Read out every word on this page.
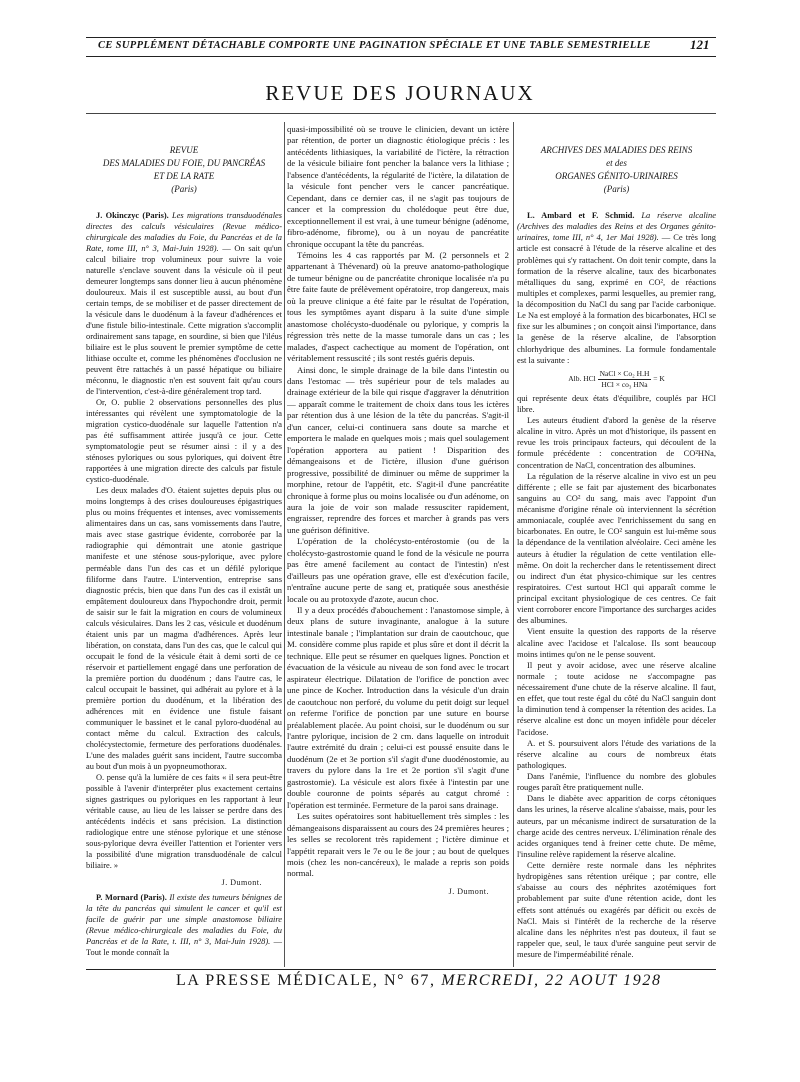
CE SUPPLÉMENT DÉTACHABLE COMPORTE UNE PAGINATION SPÉCIALE ET UNE TABLE SEMESTRIELLE	121
REVUE DES JOURNAUX
REVUE
DES MALADIES DU FOIE, DU PANCRÉAS
ET DE LA RATE
(Paris)

J. Okinczyc (Paris). Les migrations transduodénales directes des calculs vésiculaires (Revue médico-chirurgicale des maladies du Foie, du Pancréas et de la Rate, tome III, n° 3, Mai-Juin 1928). — On sait qu'un calcul biliaire trop volumineux pour suivre la voie naturelle s'enclave souvent dans la vésicule où il peut demeurer longtemps sans donner lieu à aucun phénomène douloureux. Mais il est susceptible aussi, au bout d'un certain temps, de se mobiliser et de passer directement de la vésicule dans le duodénum à la faveur d'adhérences et d'une fistule bilio-intestinale. Cette migration s'accomplit ordinairement sans tapage, en sourdine, si bien que l'iléus biliaire est le plus souvent le premier symptôme de cette lithiase occulte et, comme les phénomènes d'occlusion ne peuvent être rattachés à un passé hépatique ou biliaire méconnu, le diagnostic n'en est souvent fait qu'au cours de l'intervention, c'est-à-dire généralement trop tard.

Or, O. publie 2 observations personnelles des plus intéressantes qui révèlent une symptomatologie de la migration cystico-duodénale sur laquelle l'attention n'a pas été suffisamment attirée jusqu'à ce jour. Cette symptomatologie peut se résumer ainsi : il y a des sténoses pyloriques ou sous pyloriques, qui doivent être rapportées à une migration directe des calculs par fistule cystico-duodénale.

Les deux malades d'O. étaient sujettes depuis plus ou moins longtemps à des crises douloureuses épigastriques plus ou moins fréquentes et intenses, avec vomissements alimentaires dans un cas, sans vomissements dans l'autre, mais avec stase gastrique évidente, corroborée par la radiographie qui démontrait une atonie gastrique manifeste et une sténose sous-pylorique, avec pylore perméable dans l'un des cas et un défilé pylorique filiforme dans l'autre. L'intervention, entreprise sans diagnostic précis, bien que dans l'un des cas il existât un empâtement douloureux dans l'hypochondre droit, permit de saisir sur le fait la migration en cours de volumineux calculs vésiculaires. Dans les 2 cas, vésicule et duodénum étaient unis par un magma d'adhérences. Après leur libération, on constata, dans l'un des cas, que le calcul qui occupait le fond de la vésicule était à demi sorti de ce réservoir et partiellement engagé dans une perforation de la première portion du duodénum ; dans l'autre cas, le calcul occupait le bassinet, qui adhérait au pylore et à la première portion du duodénum, et la libération des adhérences mit en évidence une fistule faisant communiquer le bassinet et le canal pyloro-duodénal au contact même du calcul. Extraction des calculs, cholécystectomie, fermeture des perforations duodénales. L'une des malades guérit sans incident, l'autre succomba au bout d'un mois à un pyopneumothorax.

O. pense qu'à la lumière de ces faits « il sera peut-être possible à l'avenir d'interpréter plus exactement certains signes gastriques ou pyloriques en les rapportant à leur véritable cause, au lieu de les laisser se perdre dans des antécédents indécis et sans précision. La distinction radiologique entre une sténose pylorique et une sténose sous-pylorique devra éveiller l'attention et l'orienter vers la possibilité d'une migration transduodénale de calcul biliaire. »

J. Dumont.

P. Mornard (Paris). Il existe des tumeurs bénignes de la tête du pancréas qui simulent le cancer et qu'il est facile de guérir par une simple anastomose biliaire (Revue médico-chirurgicale des maladies du Foie, du Pancréas et de la Rate, t. III, n° 3, Mai-Juin 1928). — Tout le monde connaît la

quasi-impossibilité où se trouve le clinicien, devant un ictère par rétention, de porter un diagnostic étiologique précis : les antécédents lithiasiques, la variabilité de l'ictère, la rétraction de la vésicule biliaire font pencher la balance vers la lithiase ; l'absence d'antécédents, la régularité de l'ictère, la dilatation de la vésicule font pencher vers le cancer pancréatique. Cependant, dans ce dernier cas, il ne s'agit pas toujours de cancer et la compression du cholédoque peut être due, exceptionnellement il est vrai, à une tumeur bénigne (adénome, fibro-adénome, fibrome), ou à un noyau de pancréatite chronique occupant la tête du pancréas.

Témoins les 4 cas rapportés par M. (2 personnels et 2 appartenant à Thévenard) où la preuve anatomo-pathologique de tumeur bénigne ou de pancréatite chronique localisée n'a pu être faite faute de prélèvement opératoire, trop dangereux, mais où la preuve clinique a été faite par le résultat de l'opération, tous les symptômes ayant disparu à la suite d'une simple anastomose cholécysto-duodénale ou pylorique, y compris la régression très nette de la masse tumorale dans un cas ; les malades, d'aspect cachectique au moment de l'opération, ont véritablement ressuscité ; ils sont restés guéris depuis.

Ainsi donc, le simple drainage de la bile dans l'intestin ou dans l'estomac — très supérieur pour de tels malades au drainage extérieur de la bile qui risque d'aggraver la dénutrition — apparaît comme le traitement de choix dans tous les ictères par rétention dus à une lésion de la tête du pancréas. S'agit-il d'un cancer, celui-ci continuera sans doute sa marche et emportera le malade en quelques mois ; mais quel soulagement l'opération apportera au patient ! Disparition des démangeaisons et de l'ictère, illusion d'une guérison progressive, possibilité de diminuer ou même de supprimer la morphine, retour de l'appétit, etc. S'agit-il d'une pancréatite chronique à forme plus ou moins localisée ou d'un adénome, on aura la joie de voir son malade ressusciter rapidement, engraisser, reprendre des forces et marcher à grands pas vers une guérison définitive.

L'opération de la cholécysto-entérostomie (ou de la cholécysto-gastrostomie quand le fond de la vésicule ne pourra pas être amené facilement au contact de l'intestin) n'est d'ailleurs pas une opération grave, elle est d'exécution facile, n'entraîne aucune perte de sang et, pratiquée sous anesthésie locale ou au protoxyde d'azote, aucun choc.

Il y a deux procédés d'abouchement : l'anastomose simple, à deux plans de suture invaginante, analogue à la suture intestinale banale ; l'implantation sur drain de caoutchouc, que M. considère comme plus rapide et plus sûre et dont il décrit la technique. Elle peut se résumer en quelques lignes. Ponction et évacuation de la vésicule au niveau de son fond avec le trocart aspirateur électrique. Dilatation de l'orifice de ponction avec une pince de Kocher. Introduction dans la vésicule d'un drain de caoutchouc non perforé, du volume du petit doigt sur lequel on referme l'orifice de ponction par une suture en bourse préalablement placée. Au point choisi, sur le duodénum ou sur l'antre pylorique, incision de 2 cm. dans laquelle on introduit l'autre extrémité du drain ; celui-ci est poussé ensuite dans le duodénum (2e et 3e portion s'il s'agit d'une duodénostomie, au travers du pylore dans la 1re et 2e portion s'il s'agit d'une gastrostomie). La vésicule est alors fixée à l'intestin par une double couronne de points séparés au catgut chromé : l'opération est terminée. Fermeture de la paroi sans drainage.

Les suites opératoires sont habituellement très simples : les démangeaisons disparaissent au cours des 24 premières heures ; les selles se recolorent très rapidement ; l'ictère diminue et l'appétit reparait vers le 7e ou le 8e jour ; au bout de quelques mois (chez les non-cancéreux), le malade a repris son poids normal.

J. Dumont.
ARCHIVES DES MALADIES DES REINS
et des
ORGANES GÉNITO-URINAIRES
(Paris)

L. Ambard et F. Schmid. La réserve alcaline (Archives des maladies des Reins et des Organes génito-urinaires, tome III, n° 4, 1er Mai 1928). — Ce très long article est consacré à l'étude de la réserve alcaline et des problèmes qui s'y rattachent. On doit tenir compte, dans la formation de la réserve alcaline, taux des bicarbonates métalliques du sang, exprimé en CO², de réactions multiples et complexes, parmi lesquelles, au premier rang, la décomposition du NaCl du sang par l'acide carbonique. Le Na est employé à la formation des bicarbonates, HCl se fixe sur les albumines ; on conçoit ainsi l'importance, dans la genèse de la réserve alcaline, de l'absorption chlorhydrique des albumines. La formule fondamentale est la suivante :

Alb. HCl $\frac{\text{NaCl × Co₂ H.H}}{\text{HCl × co₃ HNa}} = K$

qui représente deux états d'équilibre, couplés par HCl libre.

Les auteurs étudient d'abord la genèse de la réserve alcaline in vitro. Après un mot d'historique, ils passent en revue les trois principaux facteurs, qui découlent de la formule précédente : concentration de CO²HNa, concentration de NaCl, concentration des albumines.

La régulation de la réserve alcaline in vivo est un peu différente ; elle se fait par ajustement des bicarbonates sanguins au CO² du sang, mais avec l'appoint d'un mécanisme d'origine rénale où interviennent la sécrétion ammoniacale, couplée avec l'enrichissement du sang en bicarbonates. En outre, le CO² sanguin est lui-même sous la dépendance de la ventilation alvéolaire. Ceci amène les auteurs à étudier la régulation de cette ventilation elle-même. On doit la rechercher dans le retentissement direct ou indirect d'un état physico-chimique sur les centres respiratoires. C'est surtout HCl qui apparaît comme le principal excitant physiologique de ces centres. Ce fait vient corroborer encore l'importance des surcharges acides des albumines.

Vient ensuite la question des rapports de la réserve alcaline avec l'acidose et l'alcalose. Ils sont beaucoup moins intimes qu'on ne le pense souvent.

Il peut y avoir acidose, avec une réserve alcaline normale ; toute acidose ne s'accompagne pas nécessairement d'une chute de la réserve alcaline. Il faut, en effet, que tout reste égal du côté du NaCl sanguin dont la diminution tend à compenser la rétention des acides. La réserve alcaline est donc un moyen infidèle pour déceler l'acidose.

A. et S. poursuivent alors l'étude des variations de la réserve alcaline au cours de nombreux états pathologiques.

Dans l'anémie, l'influence du nombre des globules rouges paraît être pratiquement nulle.

Dans le diabète avec apparition de corps cétoniques dans les urines, la réserve alcaline s'abaisse, mais, pour les auteurs, par un mécanisme indirect de sursaturation de la charge acide des centres nerveux. L'élimination rénale des acides organiques tend à freiner cette chute. De même, l'insuline relève rapidement la réserve alcaline.

Cette dernière reste normale dans les néphrites hydropigènes sans rétention uréique ; par contre, elle s'abaisse au cours des néphrites azotémiques fort probablement par suite d'une rétention acide, dont les effets sont atténués ou exagérés par déficit ou excès de NaCl. Mais si l'intérêt de la recherche de la réserve alcaline dans les néphrites n'est pas douteux, il faut se rappeler que, seul, le taux d'urée sanguine peut servir de mesure de l'imperméabilité rénale.

LA PRESSE MÉDICALE, N° 67, MERCREDI, 22 AOUT 1928
